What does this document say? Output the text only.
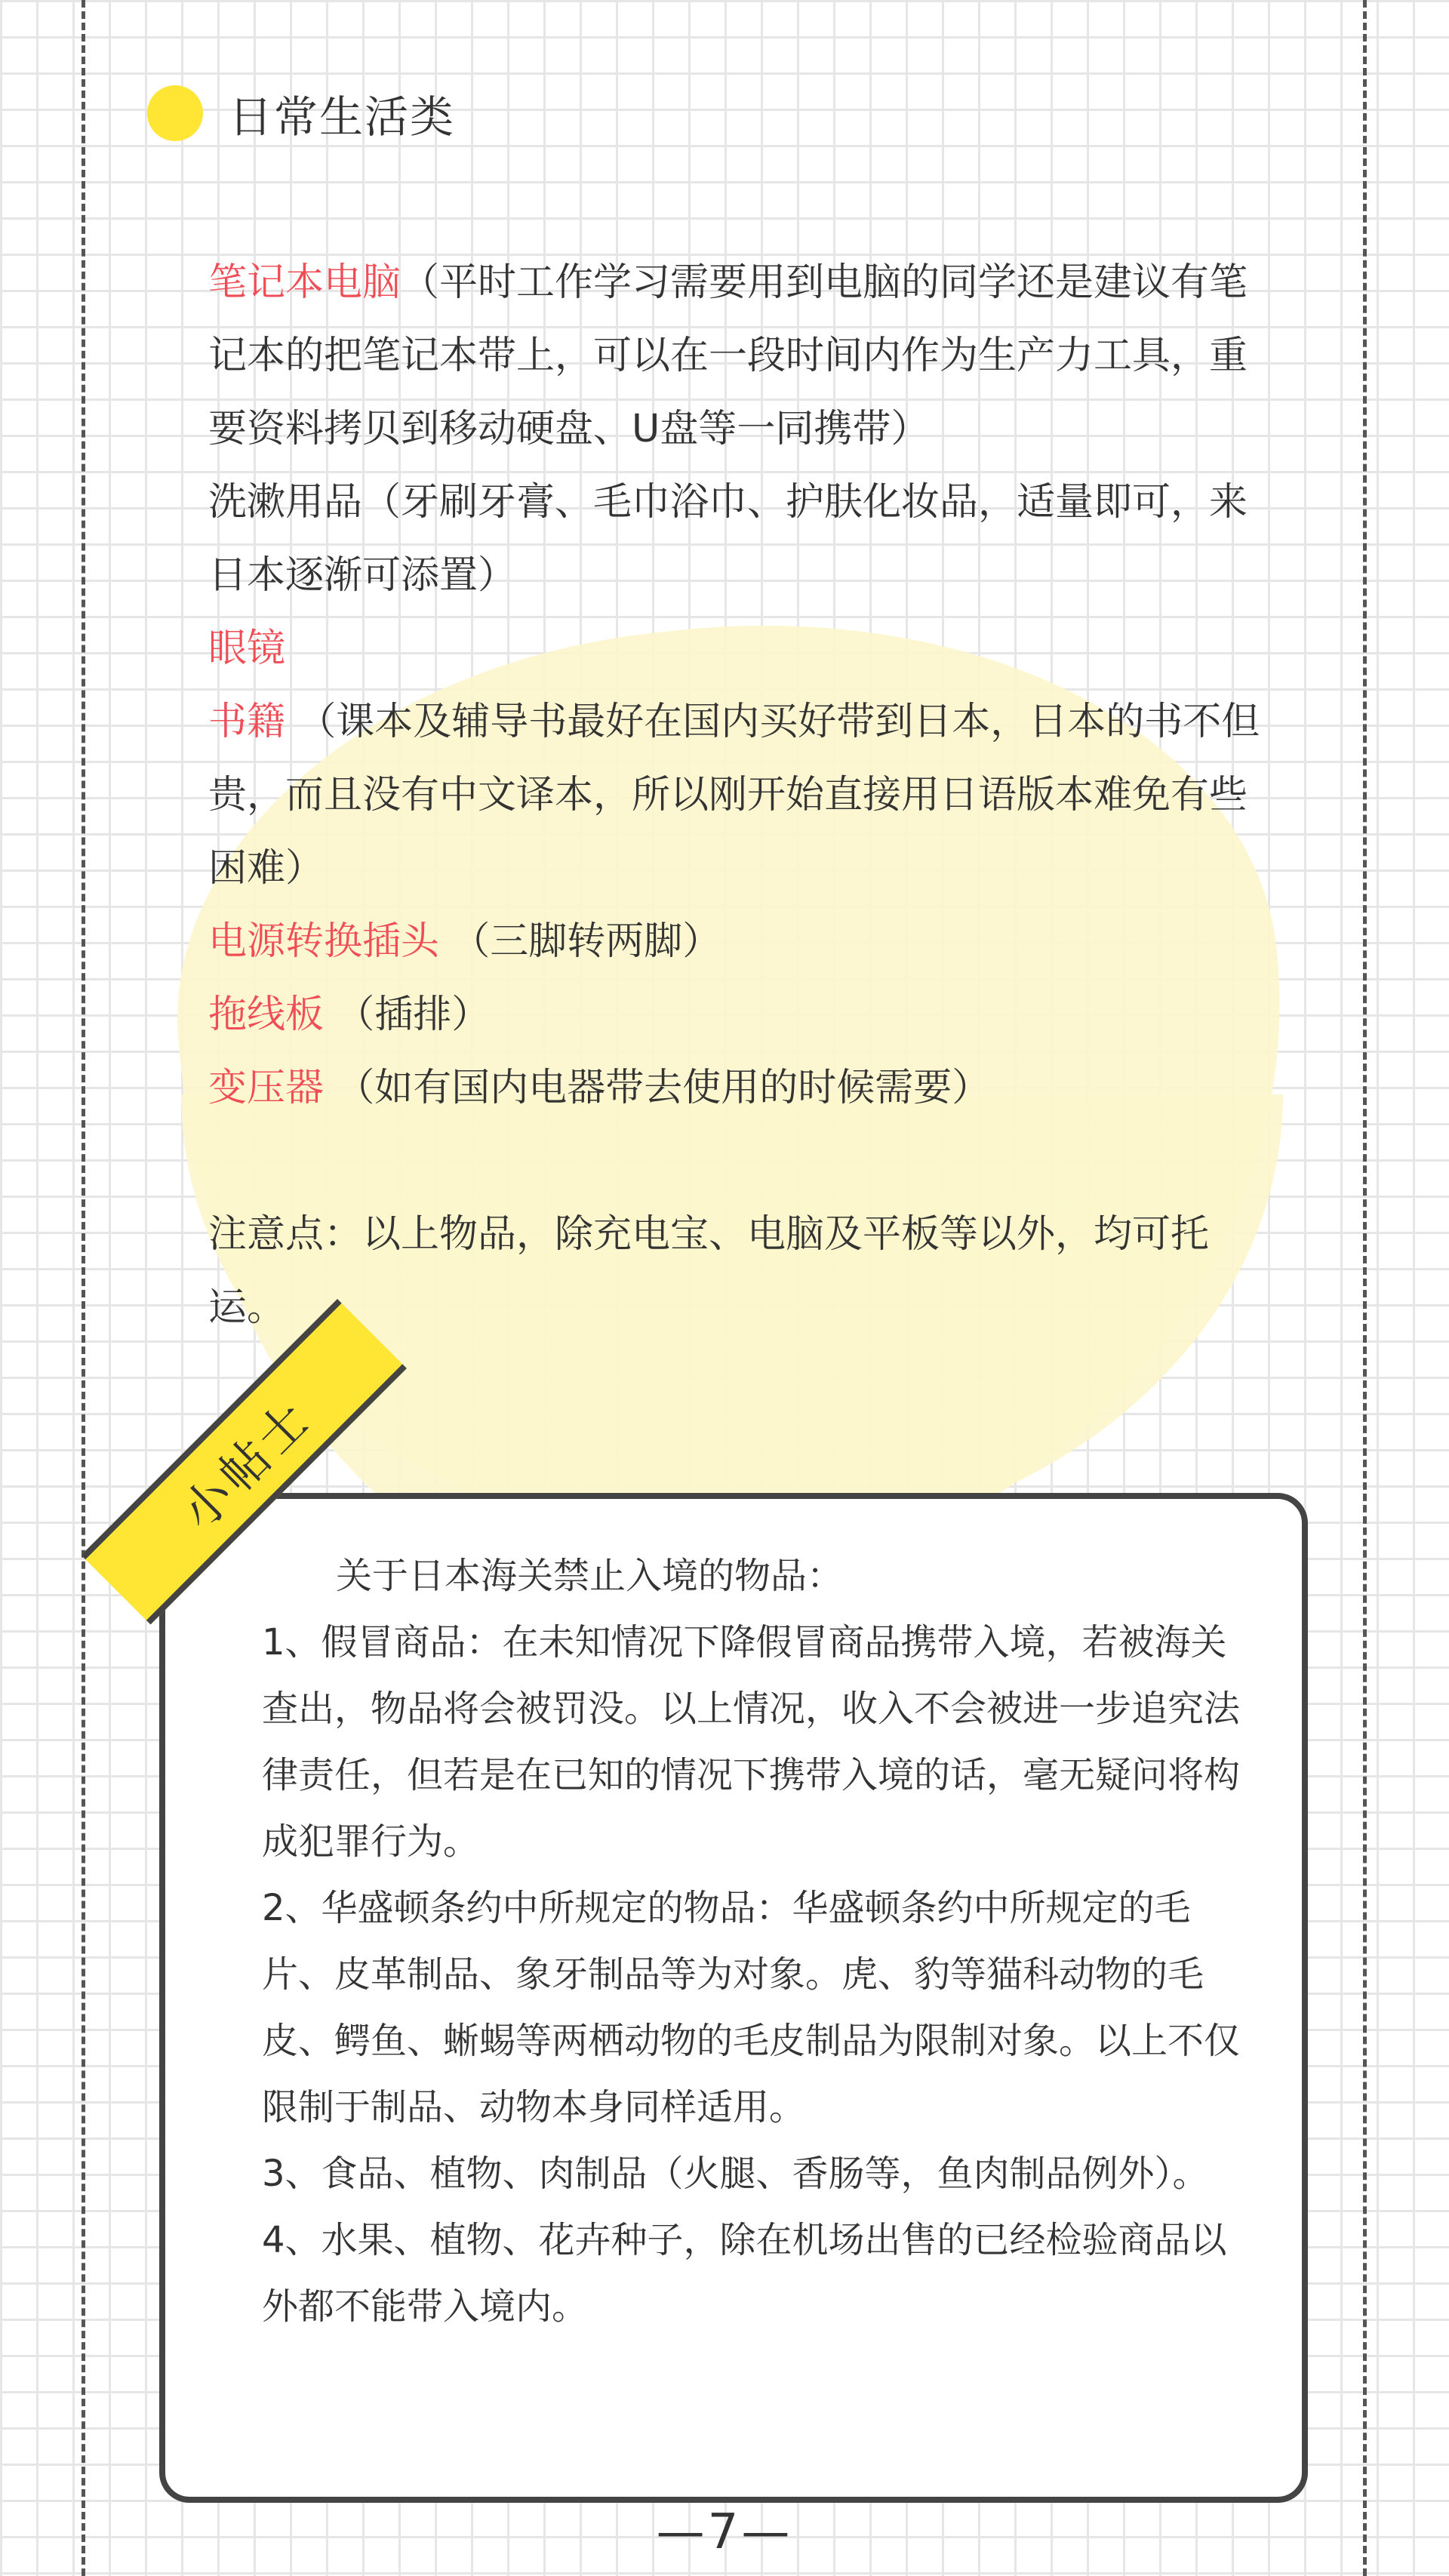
日常生活类

笔记本电脑（平时工作学习需要用到电脑的同学还是建议有笔记本的把笔记本带上，可以在一段时间内作为生产力工具，重要资料拷贝到移动硬盘、U盘等一同携带）

洗漱用品（牙刷牙膏、毛巾浴巾、护肤化妆品，适量即可，来日本逐渐可添置）

眼镜

书籍 （课本及辅导书最好在国内买好带到日本，日本的书不但贵，而且没有中文译本，所以刚开始直接用日语版本难免有些困难）

电源转换插头 （三脚转两脚）

拖线板 （插排）

变压器 （如有国内电器带去使用的时候需要）

注意点：以上物品，除充电宝、电脑及平板等以外，均可托运。

关于日本海关禁止入境的物品：

1、假冒商品：在未知情况下降假冒商品携带入境，若被海关查出，物品将会被罚没。以上情况，收入不会被进一步追究法律责任，但若是在已知的情况下携带入境的话，毫无疑问将构成犯罪行为。

2、华盛顿条约中所规定的物品：华盛顿条约中所规定的毛片、皮革制品、象牙制品等为对象。虎、豹等猫科动物的毛皮、鳄鱼、蜥蜴等两栖动物的毛皮制品为限制对象。以上不仅限制于制品、动物本身同样适用。

3、食品、植物、肉制品（火腿、香肠等，鱼肉制品例外）。

4、水果、植物、花卉种子，除在机场出售的已经检验商品以外都不能带入境内。

小帖士
—7—
